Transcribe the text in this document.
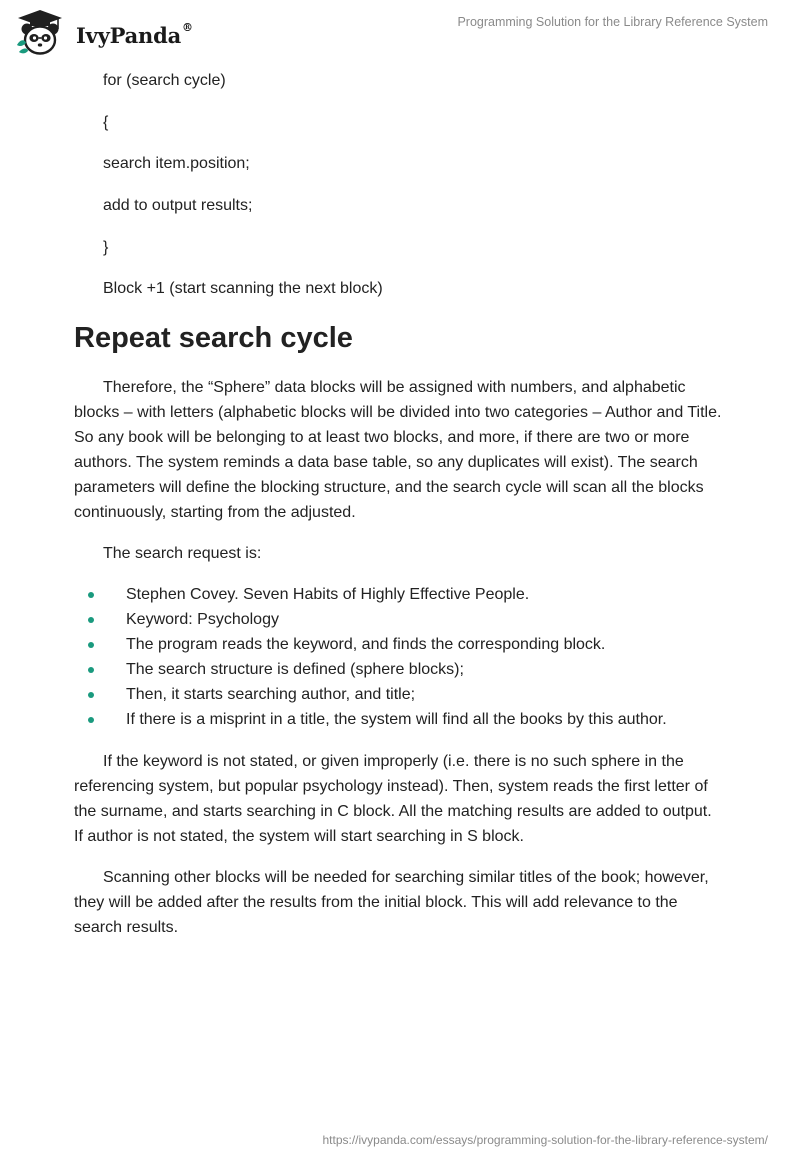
IvyPanda®	Programming Solution for the Library Reference System
for (search cycle)
{
search item.position;
add to output results;
}
Block +1 (start scanning the next block)
Repeat search cycle

Therefore, the “Sphere” data blocks will be assigned with numbers, and alphabetic blocks – with letters (alphabetic blocks will be divided into two categories – Author and Title. So any book will be belonging to at least two blocks, and more, if there are two or more authors. The system reminds a data base table, so any duplicates will exist). The search parameters will define the blocking structure, and the search cycle will scan all the blocks continuously, starting from the adjusted.

The search request is:

Stephen Covey. Seven Habits of Highly Effective People.
Keyword: Psychology
The program reads the keyword, and finds the corresponding block.
The search structure is defined (sphere blocks);
Then, it starts searching author, and title;
If there is a misprint in a title, the system will find all the books by this author.

If the keyword is not stated, or given improperly (i.e. there is no such sphere in the referencing system, but popular psychology instead). Then, system reads the first letter of the surname, and starts searching in C block. All the matching results are added to output. If author is not stated, the system will start searching in S block.

Scanning other blocks will be needed for searching similar titles of the book; however, they will be added after the results from the initial block. This will add relevance to the search results.

https://ivypanda.com/essays/programming-solution-for-the-library-reference-system/
